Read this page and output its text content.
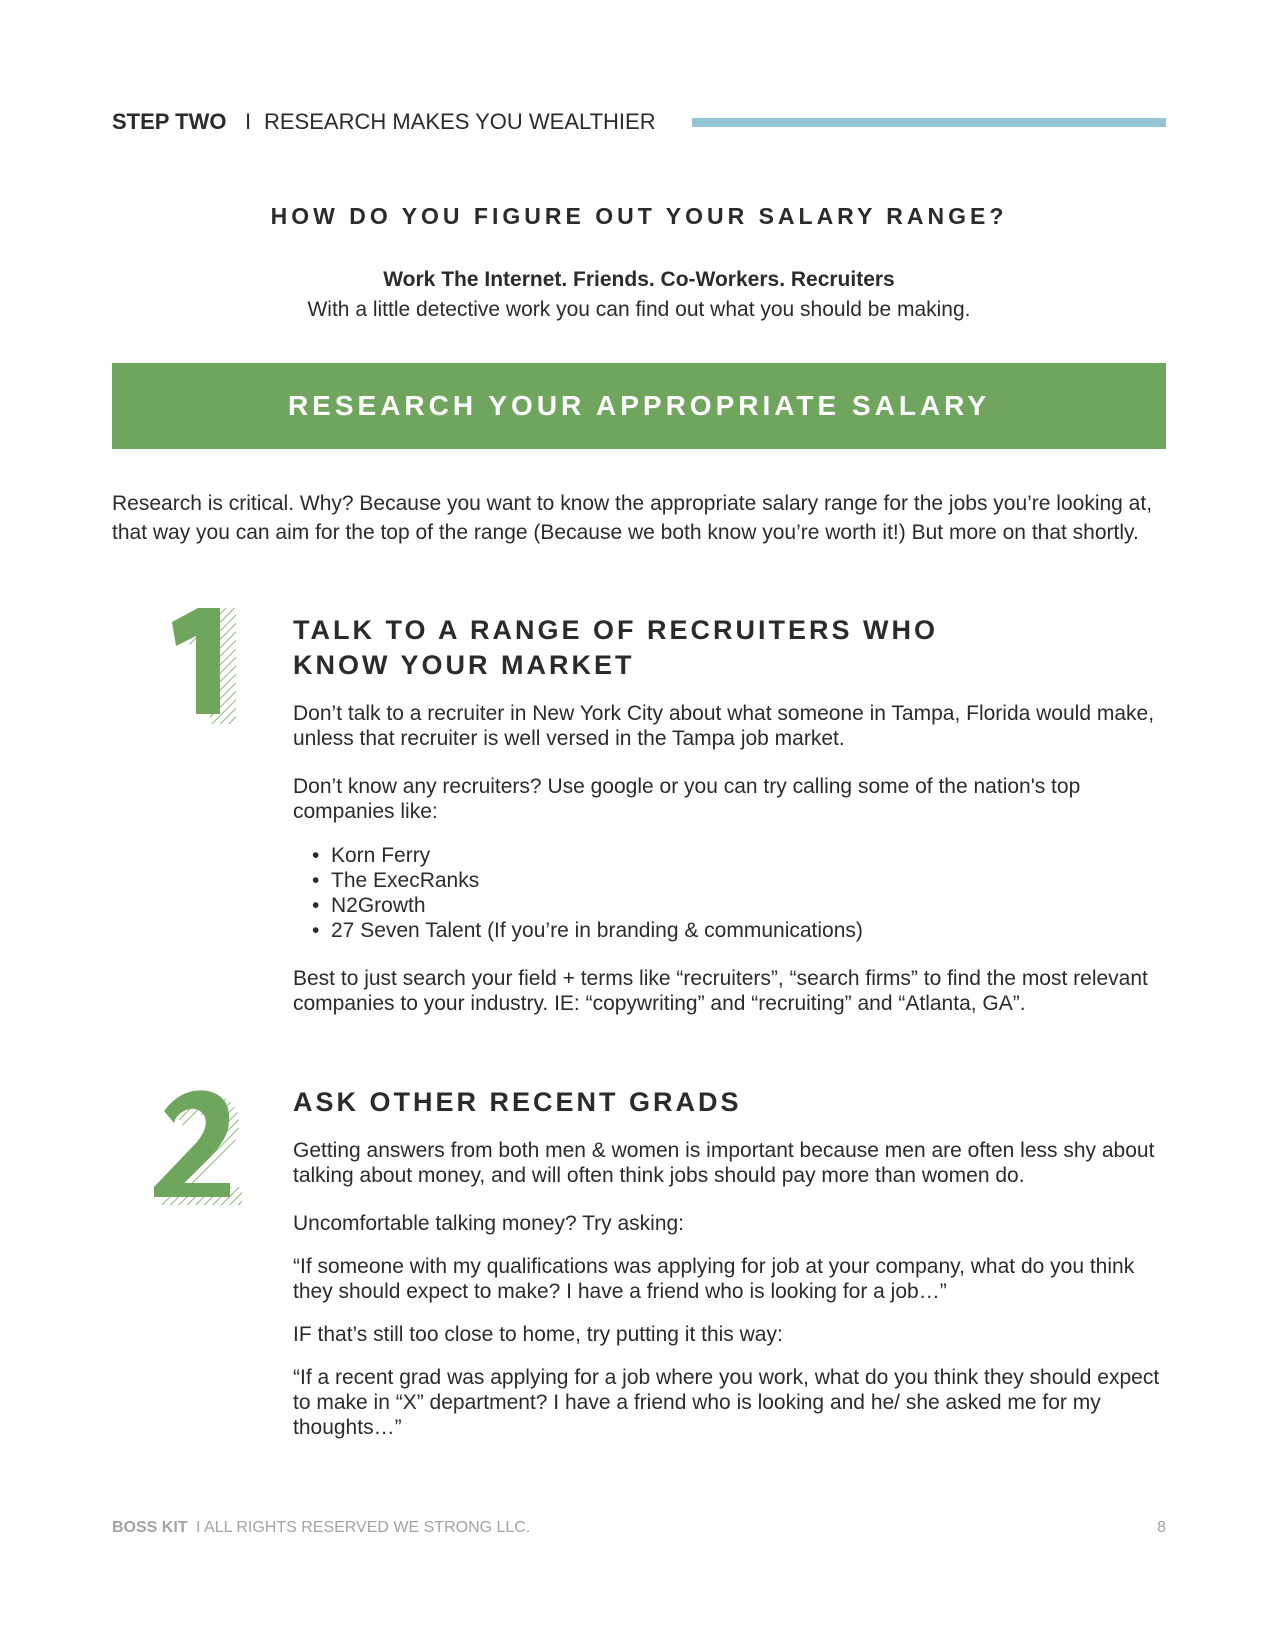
STEP TWO I RESEARCH MAKES YOU WEALTHIER
HOW DO YOU FIGURE OUT YOUR SALARY RANGE?
Work The Internet. Friends. Co-Workers. Recruiters
With a little detective work you can find out what you should be making.
RESEARCH YOUR APPROPRIATE SALARY
Research is critical. Why? Because you want to know the appropriate salary range for the jobs you’re looking at, that way you can aim for the top of the range (Because we both know you’re worth it!) But more on that shortly.
1
TALK TO A RANGE OF RECRUITERS WHO
KNOW YOUR MARKET
Don’t talk to a recruiter in New York City about what someone in Tampa, Florida would make, unless that recruiter is well versed in the Tampa job market.
Don’t know any recruiters? Use google or you can try calling some of the nation's top companies like:
• Korn Ferry
• The ExecRanks
• N2Growth
• 27 Seven Talent (If you’re in branding & communications)
Best to just search your field + terms like “recruiters”, “search firms” to find the most relevant companies to your industry. IE: “copywriting” and “recruiting” and “Atlanta, GA”.
2
ASK OTHER RECENT GRADS
Getting answers from both men & women is important because men are often less shy about talking about money, and will often think jobs should pay more than women do.
Uncomfortable talking money? Try asking:
“If someone with my qualifications was applying for job at your company, what do you think they should expect to make? I have a friend who is looking for a job…”
IF that’s still too close to home, try putting it this way:
“If a recent grad was applying for a job where you work, what do you think they should expect to make in “X” department? I have a friend who is looking and he/ she asked me for my thoughts…”
BOSS KIT I ALL RIGHTS RESERVED WE STRONG LLC.	8
